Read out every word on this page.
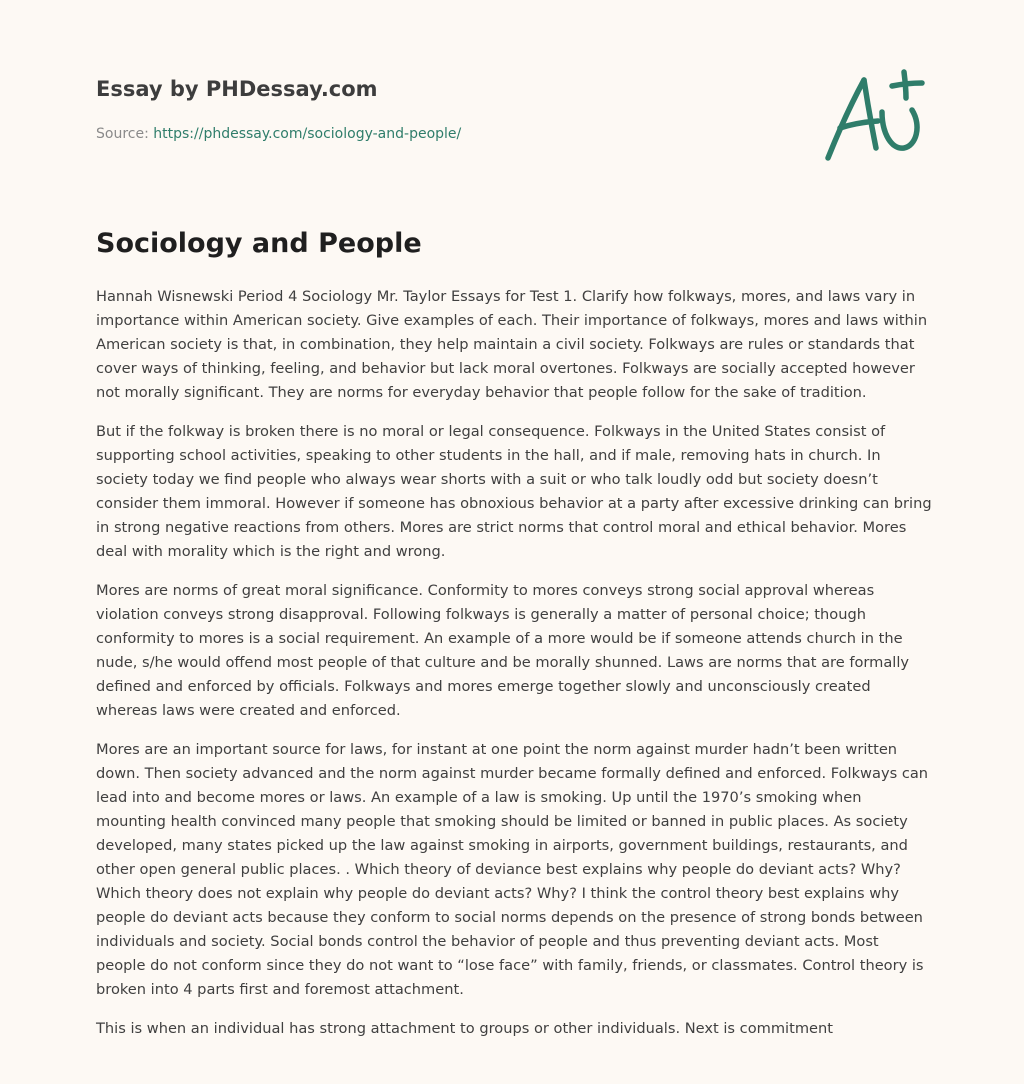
Essay by PHDessay.com
Source: https://phdessay.com/sociology-and-people/
Sociology and People

Hannah Wisnewski Period 4 Sociology Mr. Taylor Essays for Test 1. Clarify how folkways, mores, and laws vary in importance within American society. Give examples of each. Their importance of folkways, mores and laws within American society is that, in combination, they help maintain a civil society. Folkways are rules or standards that cover ways of thinking, feeling, and behavior but lack moral overtones. Folkways are socially accepted however not morally significant. They are norms for everyday behavior that people follow for the sake of tradition.

But if the folkway is broken there is no moral or legal consequence. Folkways in the United States consist of supporting school activities, speaking to other students in the hall, and if male, removing hats in church. In society today we find people who always wear shorts with a suit or who talk loudly odd but society doesn’t consider them immoral. However if someone has obnoxious behavior at a party after excessive drinking can bring in strong negative reactions from others. Mores are strict norms that control moral and ethical behavior. Mores deal with morality which is the right and wrong.

Mores are norms of great moral significance. Conformity to mores conveys strong social approval whereas violation conveys strong disapproval. Following folkways is generally a matter of personal choice; though conformity to mores is a social requirement. An example of a more would be if someone attends church in the nude, s/he would offend most people of that culture and be morally shunned. Laws are norms that are formally defined and enforced by officials. Folkways and mores emerge together slowly and unconsciously created whereas laws were created and enforced.

Mores are an important source for laws, for instant at one point the norm against murder hadn’t been written down. Then society advanced and the norm against murder became formally defined and enforced. Folkways can lead into and become mores or laws. An example of a law is smoking. Up until the 1970’s smoking when mounting health convinced many people that smoking should be limited or banned in public places. As society developed, many states picked up the law against smoking in airports, government buildings, restaurants, and other open general public places. . Which theory of deviance best explains why people do deviant acts? Why? Which theory does not explain why people do deviant acts? Why? I think the control theory best explains why people do deviant acts because they conform to social norms depends on the presence of strong bonds between individuals and society. Social bonds control the behavior of people and thus preventing deviant acts. Most people do not conform since they do not want to “lose face” with family, friends, or classmates. Control theory is broken into 4 parts first and foremost attachment.

This is when an individual has strong attachment to groups or other individuals. Next is commitment
